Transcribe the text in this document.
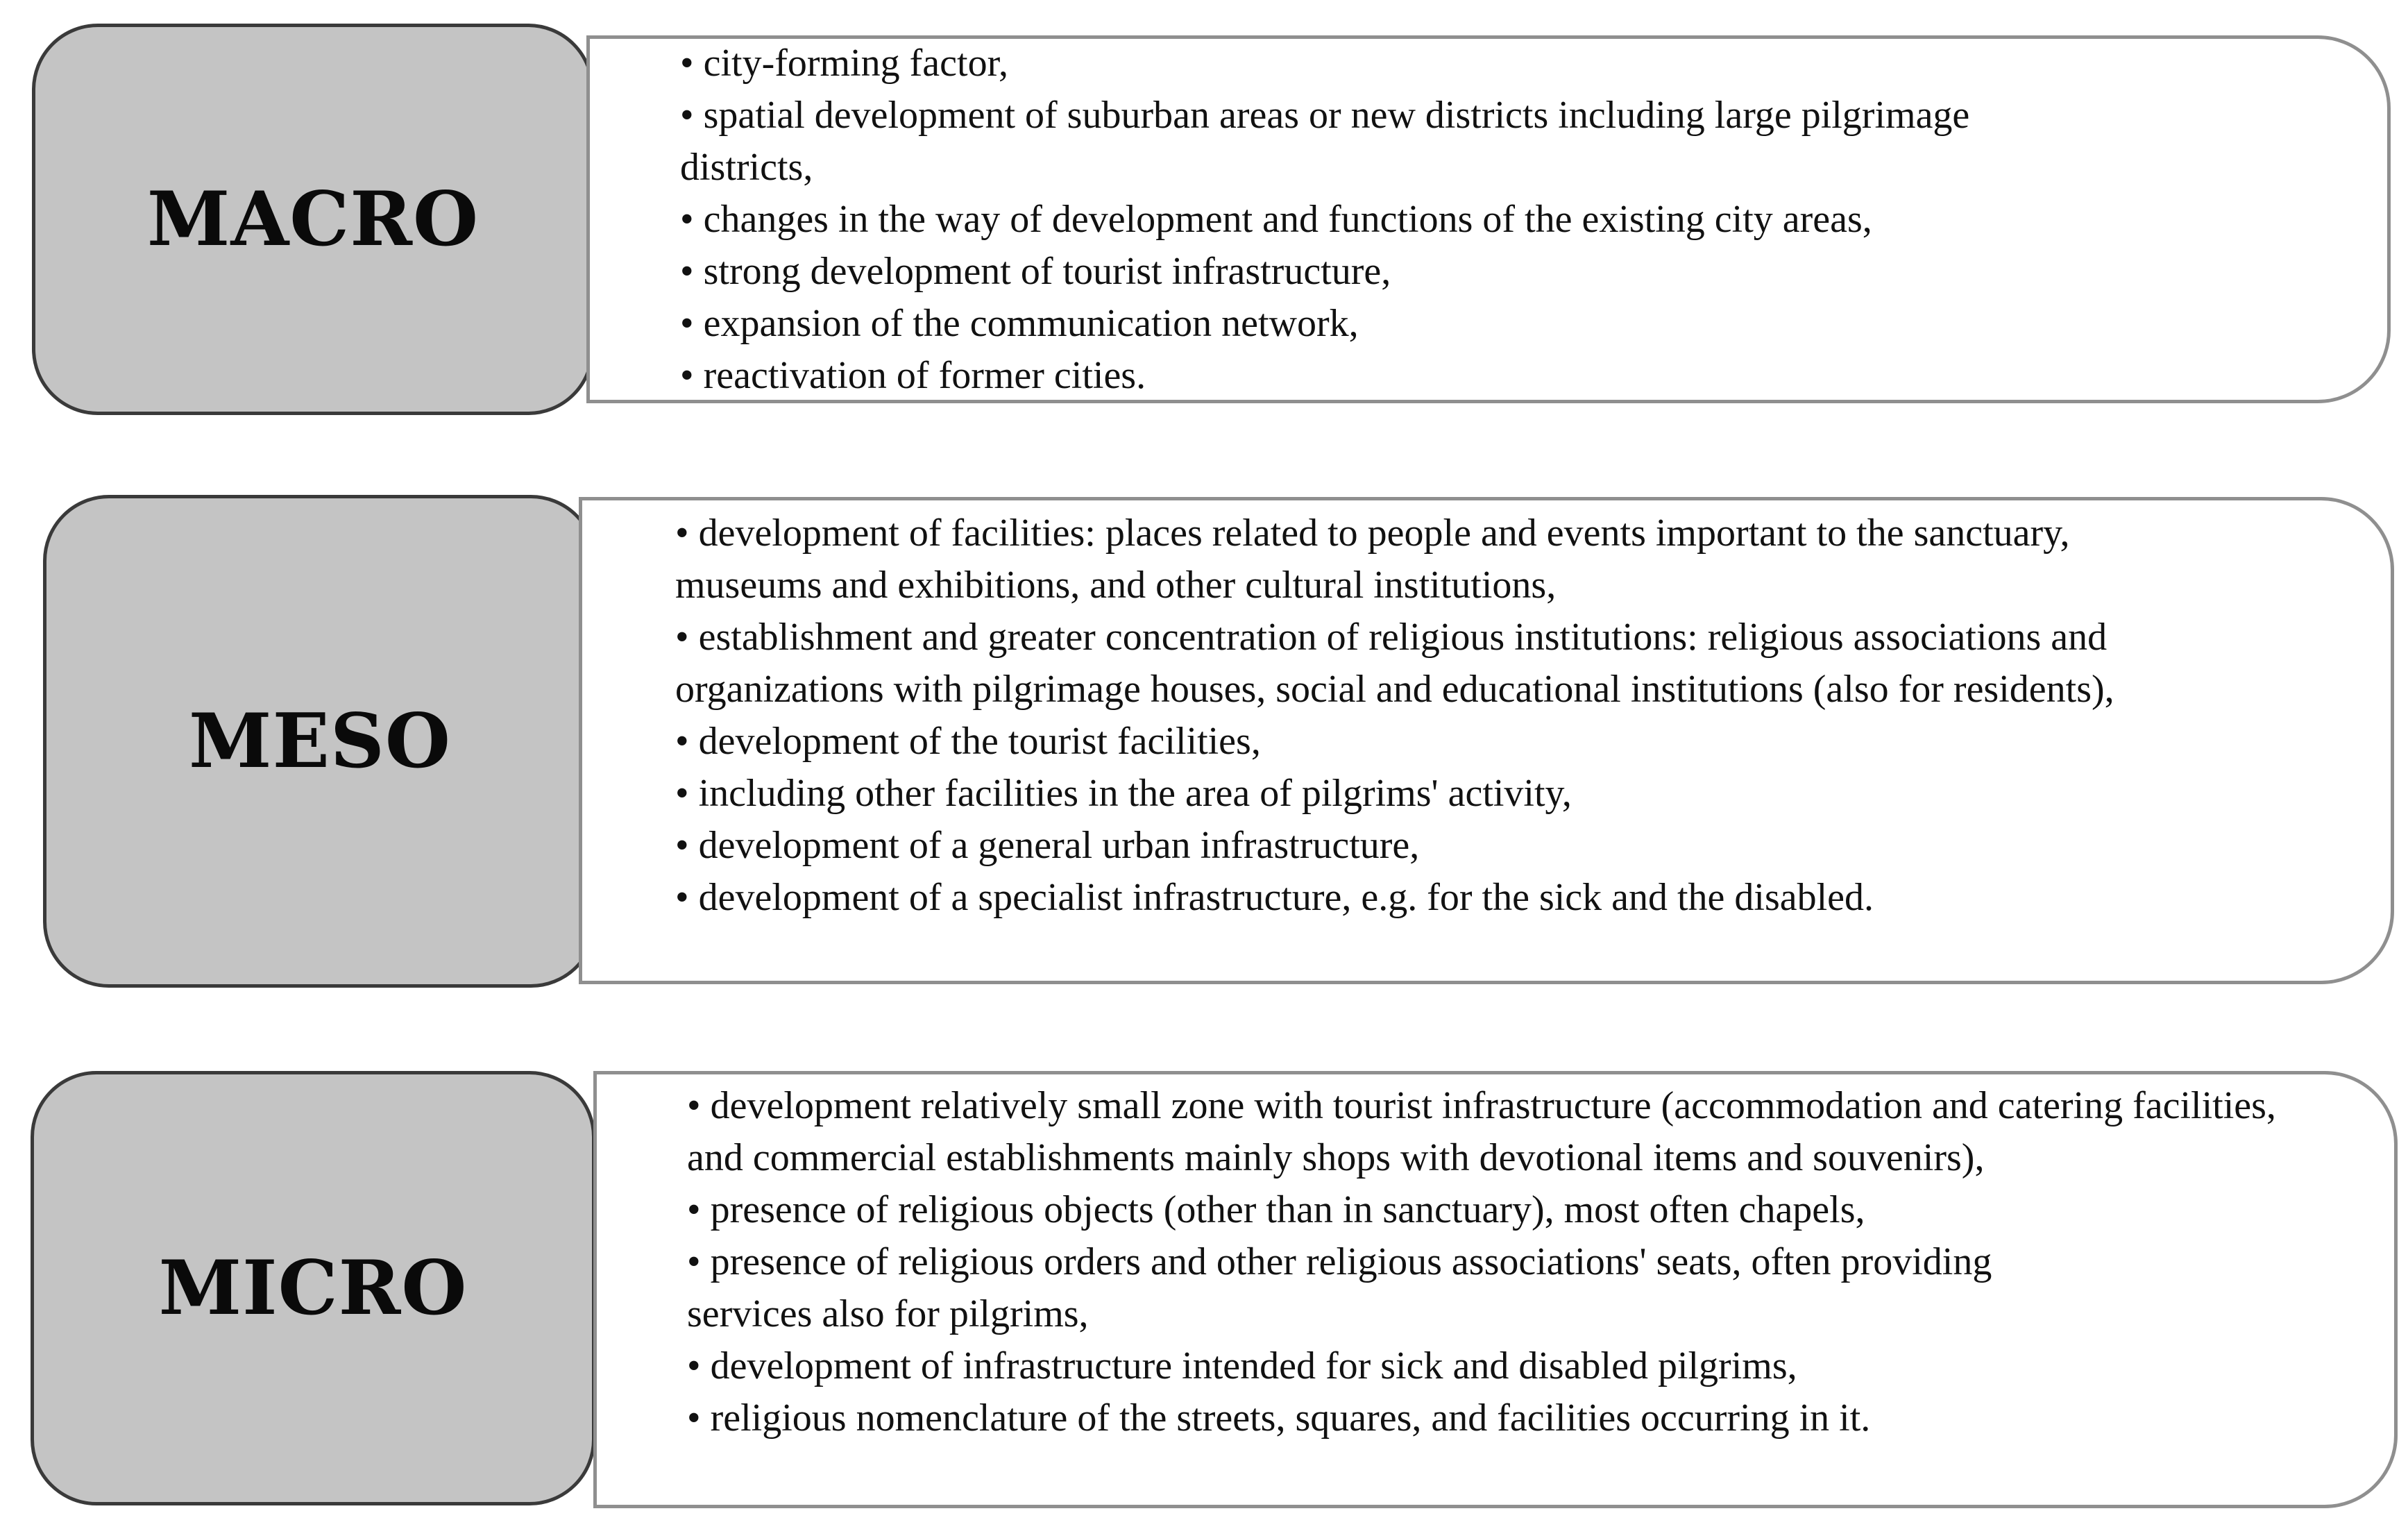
MACRO
• city-forming factor,
• spatial development of suburban areas or new districts including large pilgrimage districts,
• changes in the way of development and functions of the existing city areas,
• strong development of tourist infrastructure,
• expansion of the communication network,
• reactivation of former cities.
MESO
• development of facilities: places related to people and events important to the sanctuary, museums and exhibitions, and other cultural institutions,
• establishment and greater concentration of religious institutions: religious associations and organizations with pilgrimage houses, social and educational institutions (also for residents),
• development of the tourist facilities,
• including other facilities in the area of pilgrims' activity,
• development of a general urban infrastructure,
• development of a specialist infrastructure, e.g. for the sick and the disabled.
MICRO
• development relatively small zone with tourist infrastructure (accommodation and catering facilities, and commercial establishments mainly shops with devotional items and souvenirs),
• presence of religious objects (other than in sanctuary), most often chapels,
• presence of religious orders and other religious associations' seats, often providing services also for pilgrims,
• development of infrastructure intended for sick and disabled pilgrims,
• religious nomenclature of the streets, squares, and facilities occurring in it.
